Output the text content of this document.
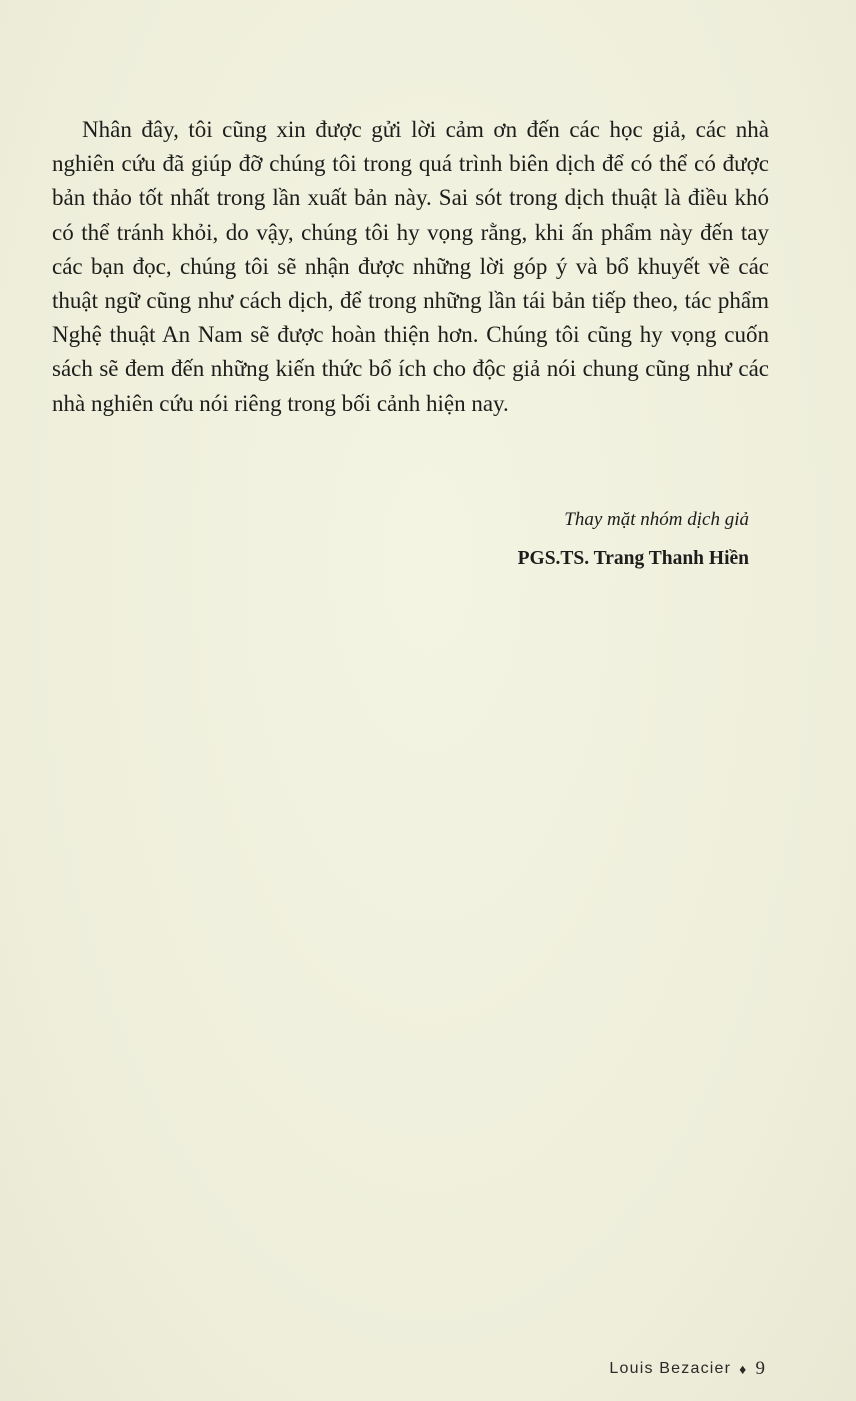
Nhân đây, tôi cũng xin được gửi lời cảm ơn đến các học giả, các nhà nghiên cứu đã giúp đỡ chúng tôi trong quá trình biên dịch để có thể có được bản thảo tốt nhất trong lần xuất bản này. Sai sót trong dịch thuật là điều khó có thể tránh khỏi, do vậy, chúng tôi hy vọng rằng, khi ấn phẩm này đến tay các bạn đọc, chúng tôi sẽ nhận được những lời góp ý và bổ khuyết về các thuật ngữ cũng như cách dịch, để trong những lần tái bản tiếp theo, tác phẩm Nghệ thuật An Nam sẽ được hoàn thiện hơn. Chúng tôi cũng hy vọng cuốn sách sẽ đem đến những kiến thức bổ ích cho độc giả nói chung cũng như các nhà nghiên cứu nói riêng trong bối cảnh hiện nay.

Thay mặt nhóm dịch giả

PGS.TS. Trang Thanh Hiền

Louis Bezacier ♦ 9
